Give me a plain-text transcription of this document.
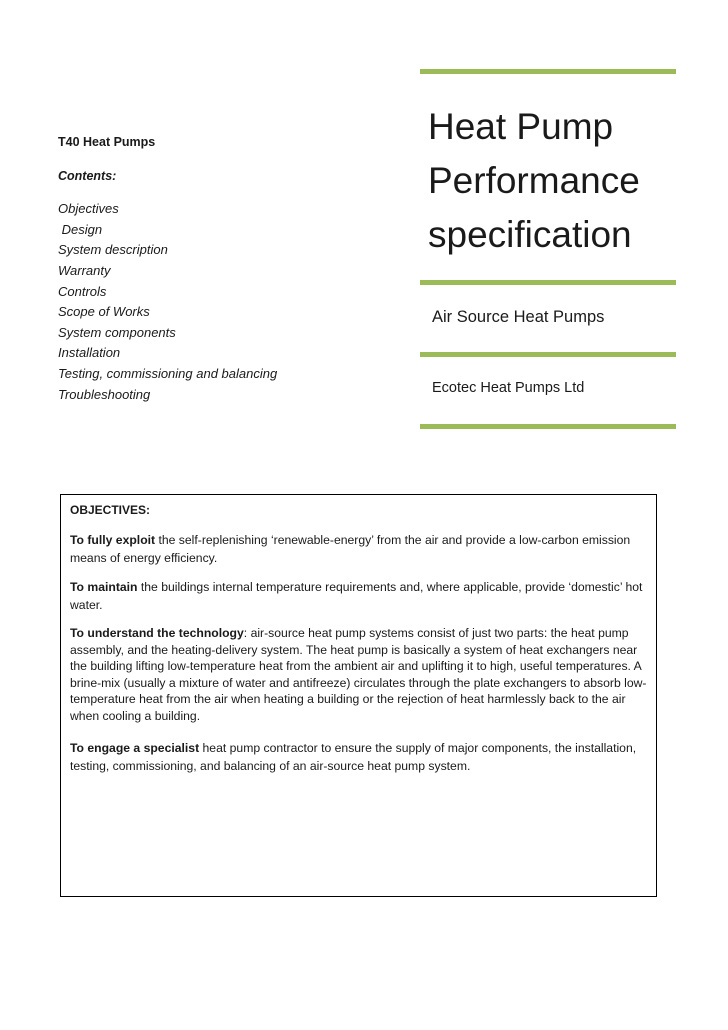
T40 Heat Pumps

Contents:

Objectives
Design
System description
Warranty
Controls
Scope of Works
System components
Installation
Testing, commissioning and balancing
Troubleshooting
Heat Pump
Performance
specification
Air Source Heat Pumps
Ecotec Heat Pumps Ltd

OBJECTIVES:

To fully exploit the self-replenishing ‘renewable-energy’ from the air and provide a low-carbon emission means of energy efficiency.

To maintain the buildings internal temperature requirements and, where applicable, provide ‘domestic’ hot water.

To understand the technology: air-source heat pump systems consist of just two parts: the heat pump assembly, and the heating-delivery system. The heat pump is basically a system of heat exchangers near the building lifting low-temperature heat from the ambient air and uplifting it to high, useful temperatures. A brine-mix (usually a mixture of water and antifreeze) circulates through the plate exchangers to absorb low-temperature heat from the air when heating a building or the rejection of heat harmlessly back to the air when cooling a building.

To engage a specialist heat pump contractor to ensure the supply of major components, the installation, testing, commissioning, and balancing of an air-source heat pump system.
